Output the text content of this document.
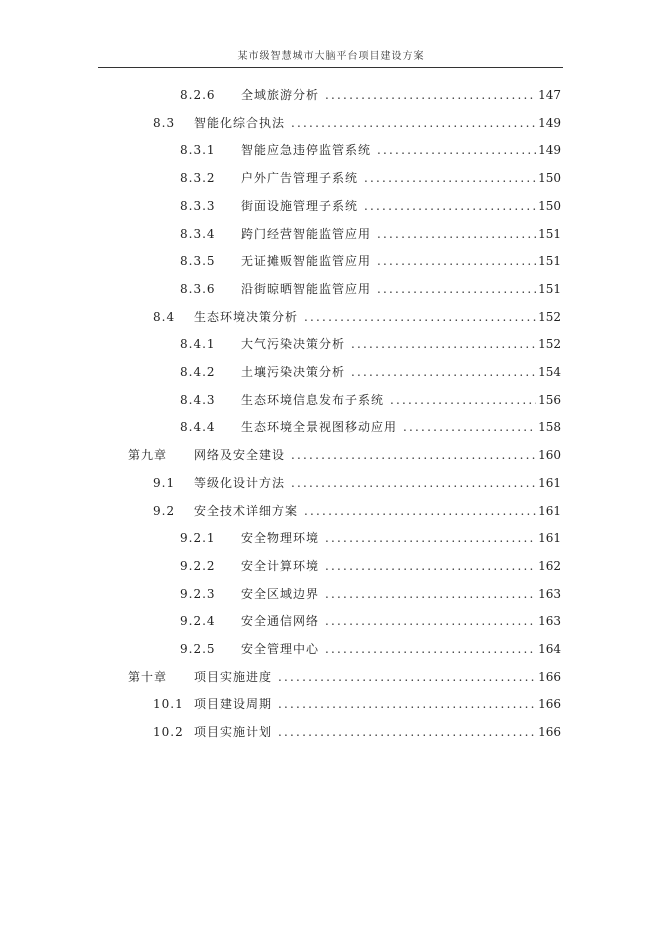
某市级智慧城市大脑平台项目建设方案
8.2.6	全域旅游分析 .....	147
8.3	智能化综合执法 .....	149
8.3.1	智能应急违停监管系统 .....	149
8.3.2	户外广告管理子系统 .....	150
8.3.3	街面设施管理子系统 .....	150
8.3.4	跨门经营智能监管应用 .....	151
8.3.5	无证摊贩智能监管应用 .....	151
8.3.6	沿街晾晒智能监管应用 .....	151
8.4	生态环境决策分析 .....	152
8.4.1	大气污染决策分析 .....	152
8.4.2	土壤污染决策分析 .....	154
8.4.3	生态环境信息发布子系统 .....	156
8.4.4	生态环境全景视图移动应用 .....	158
第九章	网络及安全建设 .....	160
9.1	等级化设计方法 .....	161
9.2	安全技术详细方案 .....	161
9.2.1	安全物理环境 .....	161
9.2.2	安全计算环境 .....	162
9.2.3	安全区域边界 .....	163
9.2.4	安全通信网络 .....	163
9.2.5	安全管理中心 .....	164
第十章	项目实施进度 .....	166
10.1 项目建设周期 .....	166
10.2 项目实施计划 .....	166
